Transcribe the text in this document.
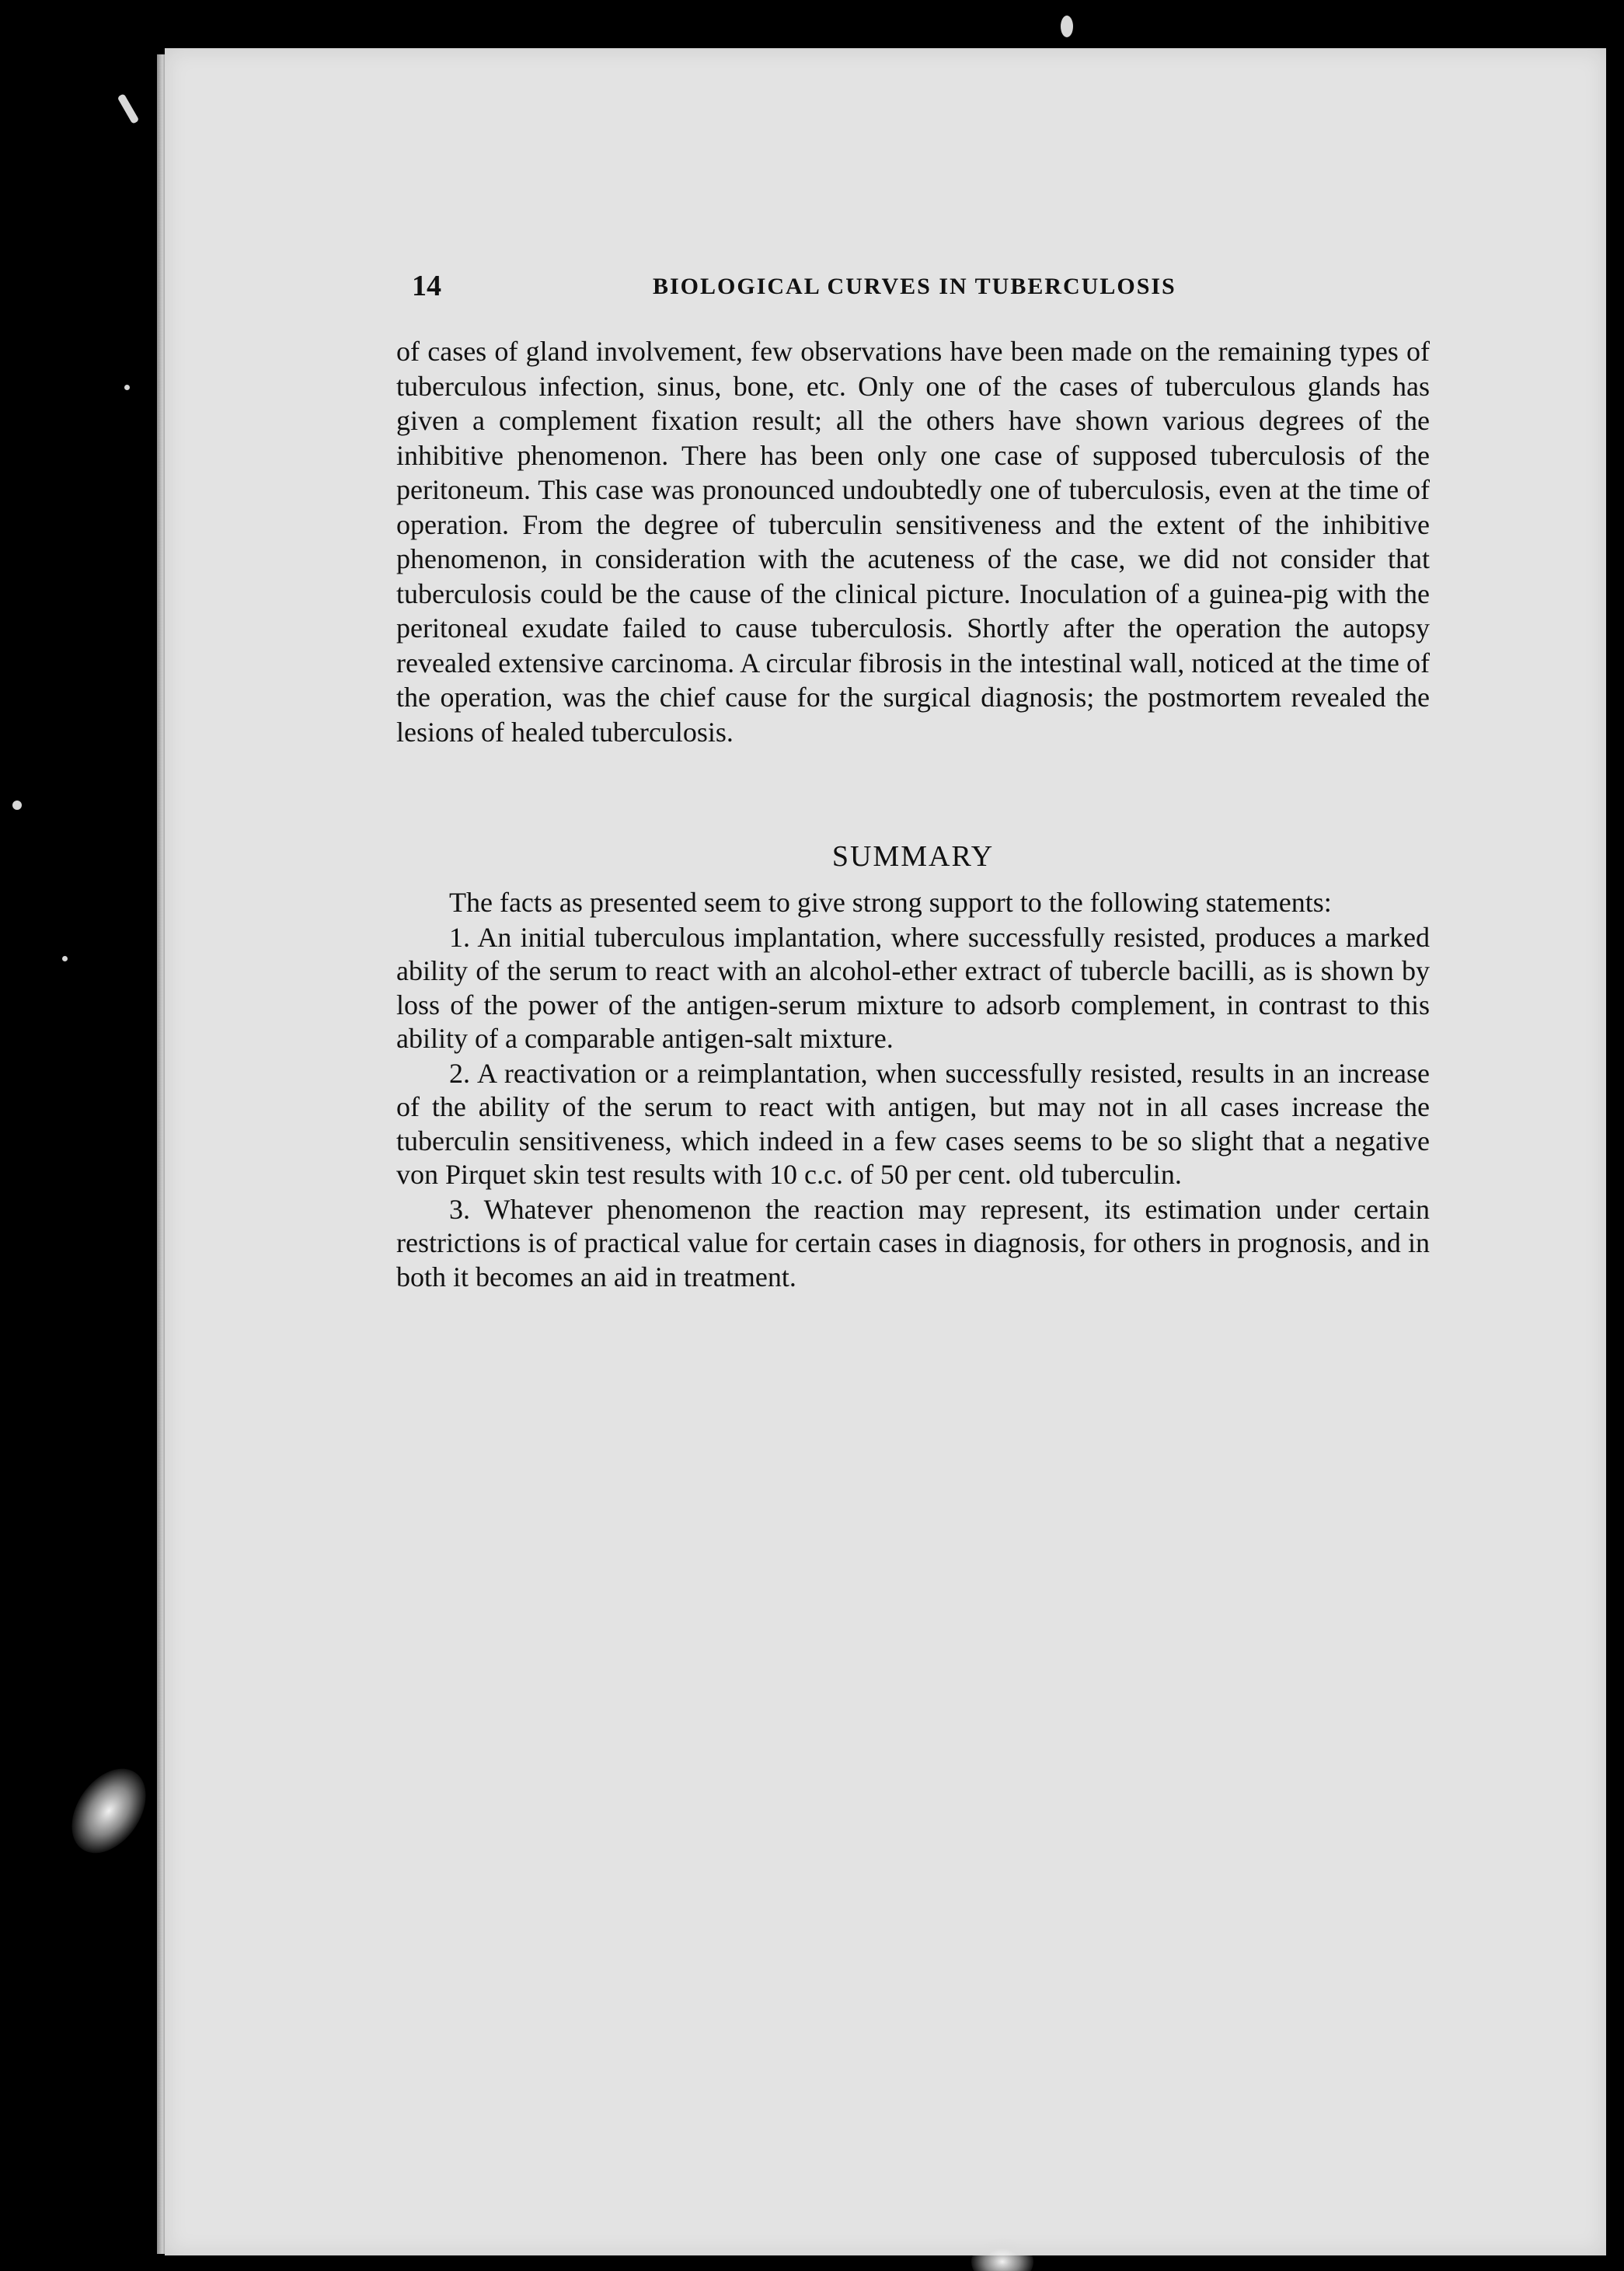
14	BIOLOGICAL CURVES IN TUBERCULOSIS

of cases of gland involvement, few observations have been made on the remaining types of tuberculous infection, sinus, bone, etc. Only one of the cases of tuberculous glands has given a complement fixation result; all the others have shown various degrees of the inhibitive phenomenon. There has been only one case of supposed tuberculosis of the peritoneum. This case was pronounced undoubtedly one of tuberculosis, even at the time of operation. From the degree of tuberculin sensitiveness and the extent of the inhibitive phenomenon, in consideration with the acuteness of the case, we did not consider that tuberculosis could be the cause of the clinical picture. Inoculation of a guinea-pig with the peritoneal exudate failed to cause tuberculosis. Shortly after the operation the autopsy revealed extensive carcinoma. A circular fibrosis in the intestinal wall, noticed at the time of the operation, was the chief cause for the surgical diagnosis; the postmortem revealed the lesions of healed tuberculosis.

SUMMARY

The facts as presented seem to give strong support to the following statements:

1. An initial tuberculous implantation, where successfully resisted, produces a marked ability of the serum to react with an alcohol-ether extract of tubercle bacilli, as is shown by loss of the power of the antigen-serum mixture to adsorb complement, in contrast to this ability of a comparable antigen-salt mixture.

2. A reactivation or a reimplantation, when successfully resisted, results in an increase of the ability of the serum to react with antigen, but may not in all cases increase the tuberculin sensitiveness, which indeed in a few cases seems to be so slight that a negative von Pirquet skin test results with 10 c.c. of 50 per cent. old tuberculin.

3. Whatever phenomenon the reaction may represent, its estimation under certain restrictions is of practical value for certain cases in diagnosis, for others in prognosis, and in both it becomes an aid in treatment.
